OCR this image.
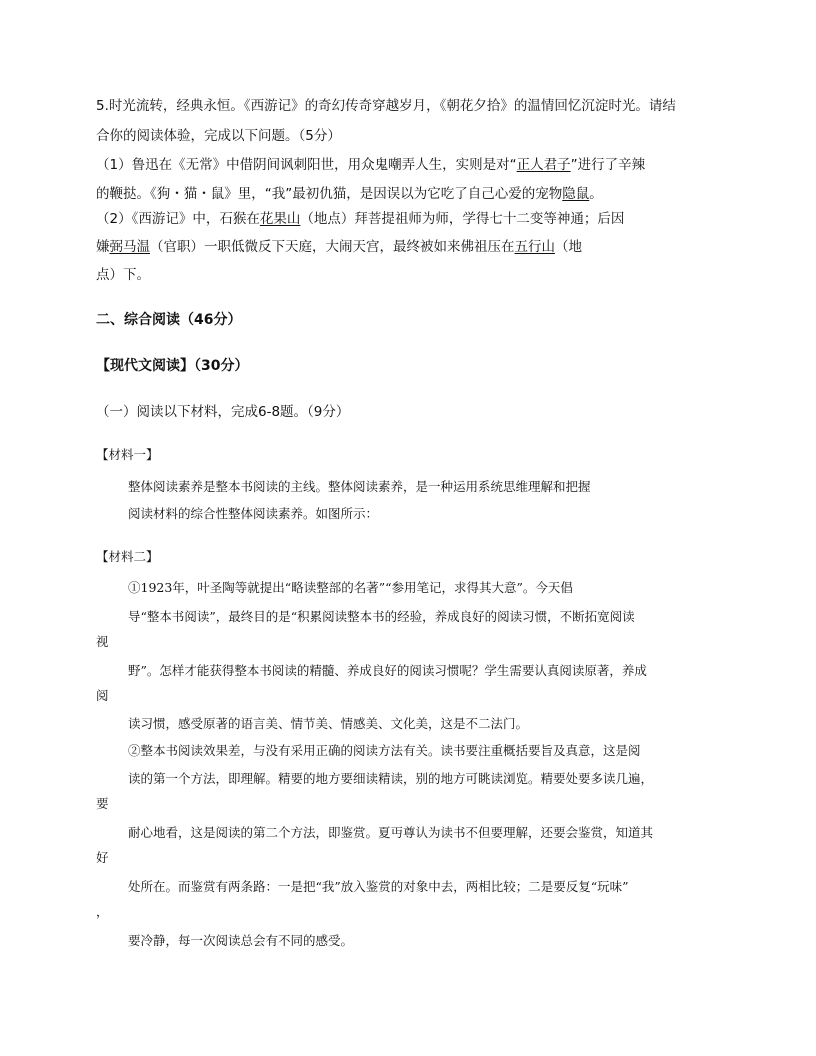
5.时光流转，经典永恒。《西游记》的奇幻传奇穿越岁月，《朝花夕拾》的温情回忆沉淀时光。请结
合你的阅读体验，完成以下问题。（5分）
（1）鲁迅在《无常》中借阴间讽刺阳世，用众鬼嘲弄人生，实则是对“正人君子”进行了辛辣
的鞭挞。《狗・猫・鼠》里，“我”最初仇猫，是因误以为它吃了自己心爱的宠物隐鼠。
（2）《西游记》中，石猴在花果山（地点）拜菩提祖师为师，学得七十二变等神通；后因
嫌弼马温（官职）一职低微反下天庭，大闹天宫，最终被如来佛祖压在五行山（地
点）下。
二、综合阅读（46分）
【现代文阅读】（30分）
（一）阅读以下材料，完成6-8题。（9分）
【材料一】
整体阅读素养是整本书阅读的主线。整体阅读素养，是一种运用系统思维理解和把握
阅读材料的综合性整体阅读素养。如图所示：
【材料二】
①1923年，叶圣陶等就提出“略读整部的名著”“参用笔记，求得其大意”。今天倡
导“整本书阅读”，最终目的是“积累阅读整本书的经验，养成良好的阅读习惯，不断拓宽阅读
视
野”。怎样才能获得整本书阅读的精髓、养成良好的阅读习惯呢？学生需要认真阅读原著，养成
阅
读习惯，感受原著的语言美、情节美、情感美、文化美，这是不二法门。
②整本书阅读效果差，与没有采用正确的阅读方法有关。读书要注重概括要旨及真意，这是阅
读的第一个方法，即理解。精要的地方要细读精读，别的地方可眺读浏览。精要处要多读几遍，
要
耐心地看，这是阅读的第二个方法，即鉴赏。夏丏尊认为读书不但要理解，还要会鉴赏，知道其
好
处所在。而鉴赏有两条路：一是把“我”放入鉴赏的对象中去，两相比较；二是要反复“玩味”
，
要冷静，每一次阅读总会有不同的感受。
